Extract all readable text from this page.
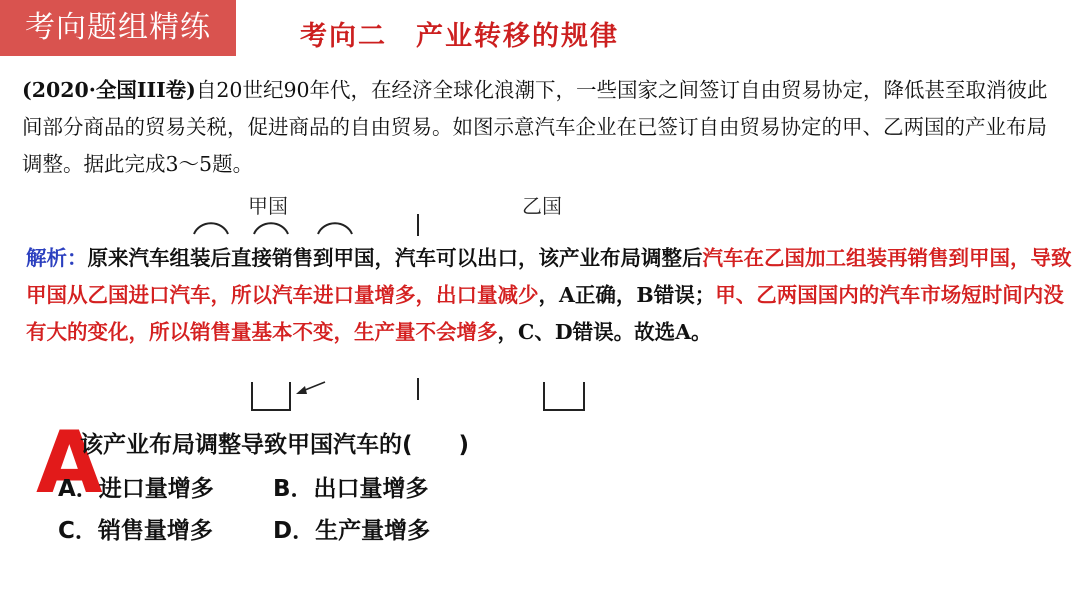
考向题组精练	考向二　产业转移的规律
(2020·全国III卷)自20世纪90年代，在经济全球化浪潮下，一些国家之间签订自由贸易协定，降低甚至取消彼此间部分商品的贸易关税，促进商品的自由贸易。如图示意汽车企业在已签订自由贸易协定的甲、乙两国的产业布局调整。据此完成3～5题。
甲国	乙国
解析：原来汽车组装后直接销售到甲国，汽车可以出口，该产业布局调整后汽车在乙国加工组装再销售到甲国，导致甲国从乙国进口汽车，所以汽车进口量增多，出口量减少，A正确，B错误；甲、乙两国国内的汽车市场短时间内没有大的变化，所以销售量基本不变，生产量不会增多，C、D错误。故选A。
A
该产业布局调整导致甲国汽车的(　　)
A．进口量增多	B．出口量增多
C．销售量增多	D．生产量增多
